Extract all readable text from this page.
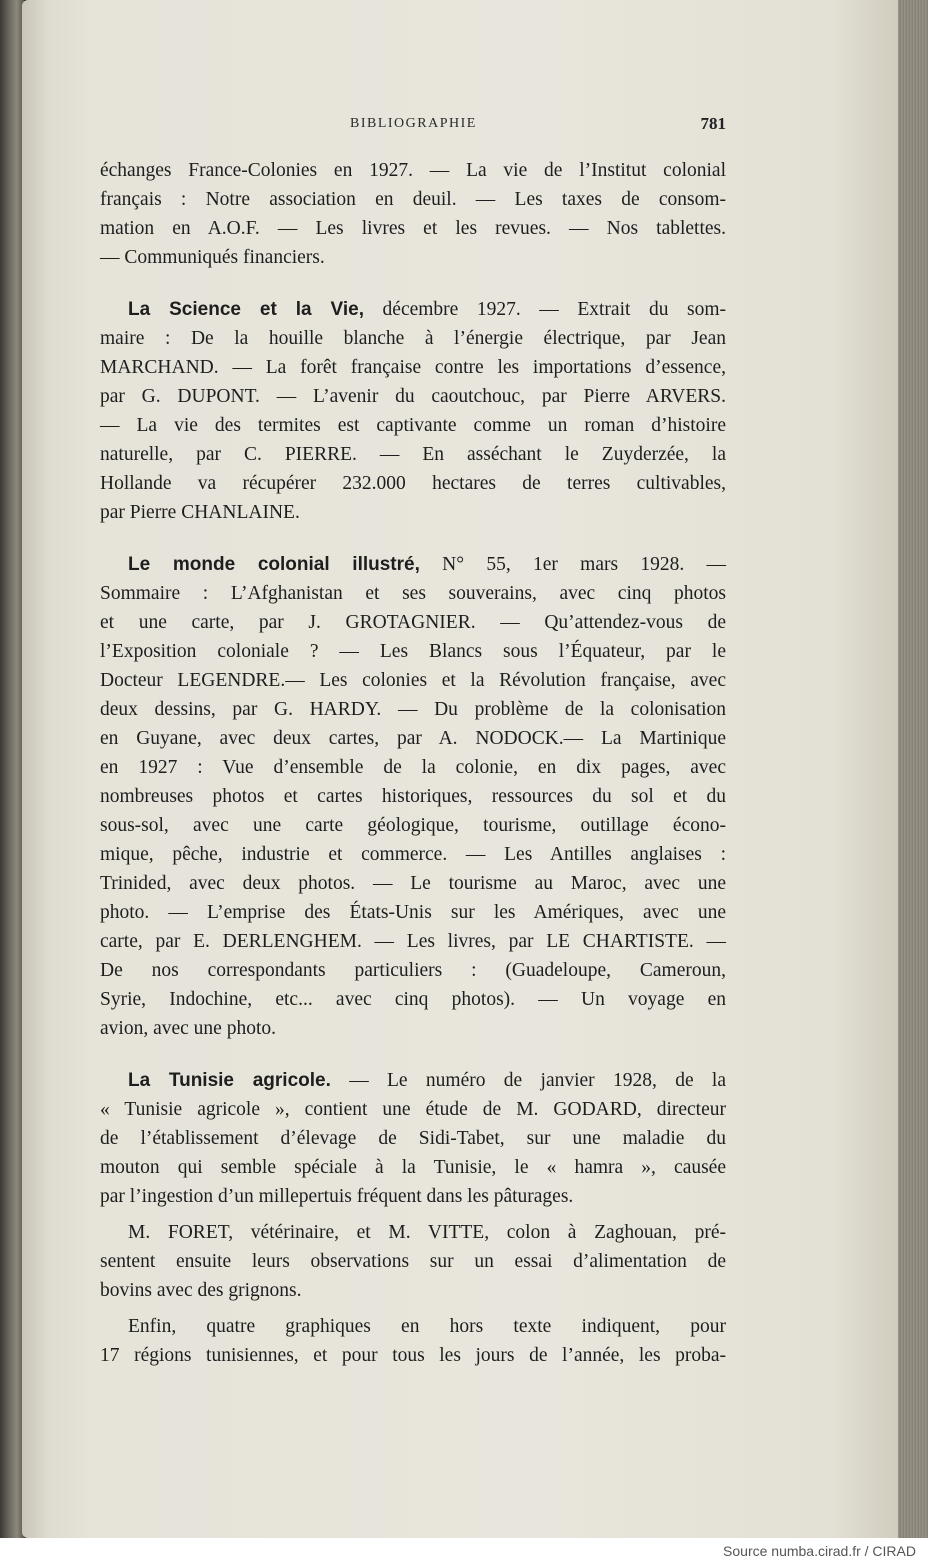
BIBLIOGRAPHIE	781
échanges France-Colonies en 1927. — La vie de l’Institut colonial
français : Notre association en deuil. — Les taxes de consom-
mation en A.O.F. — Les livres et les revues. — Nos tablettes.
— Communiqués financiers.
La Science et la Vie, décembre 1927. — Extrait du som-
maire : De la houille blanche à l’énergie électrique, par Jean
MARCHAND. — La forêt française contre les importations d’essence,
par G. DUPONT. — L’avenir du caoutchouc, par Pierre ARVERS.
— La vie des termites est captivante comme un roman d’histoire
naturelle, par C. PIERRE. — En asséchant le Zuyderzée, la
Hollande va récupérer 232.000 hectares de terres cultivables,
par Pierre CHANLAINE.
Le monde colonial illustré, N° 55, 1er mars 1928. —
Sommaire : L’Afghanistan et ses souverains, avec cinq photos
et une carte, par J. GROTAGNIER. — Qu’attendez-vous de
l’Exposition coloniale ? — Les Blancs sous l’Équateur, par le
Docteur LEGENDRE.— Les colonies et la Révolution française, avec
deux dessins, par G. HARDY. — Du problème de la colonisation
en Guyane, avec deux cartes, par A. NODOCK.— La Martinique
en 1927 : Vue d’ensemble de la colonie, en dix pages, avec
nombreuses photos et cartes historiques, ressources du sol et du
sous-sol, avec une carte géologique, tourisme, outillage écono-
mique, pêche, industrie et commerce. — Les Antilles anglaises :
Trinided, avec deux photos. — Le tourisme au Maroc, avec une
photo. — L’emprise des États-Unis sur les Amériques, avec une
carte, par E. DERLENGHEM. — Les livres, par LE CHARTISTE. —
De nos correspondants particuliers : (Guadeloupe, Cameroun,
Syrie, Indochine, etc... avec cinq photos). — Un voyage en
avion, avec une photo.
La Tunisie agricole. — Le numéro de janvier 1928, de la
« Tunisie agricole », contient une étude de M. GODARD, directeur
de l’établissement d’élevage de Sidi-Tabet, sur une maladie du
mouton qui semble spéciale à la Tunisie, le « hamra », causée
par l’ingestion d’un millepertuis fréquent dans les pâturages.
M. FORET, vétérinaire, et M. VITTE, colon à Zaghouan, pré-
sentent ensuite leurs observations sur un essai d’alimentation de
bovins avec des grignons.
Enfin, quatre graphiques en hors texte indiquent, pour
17 régions tunisiennes, et pour tous les jours de l’année, les proba-
Source numba.cirad.fr / CIRAD
